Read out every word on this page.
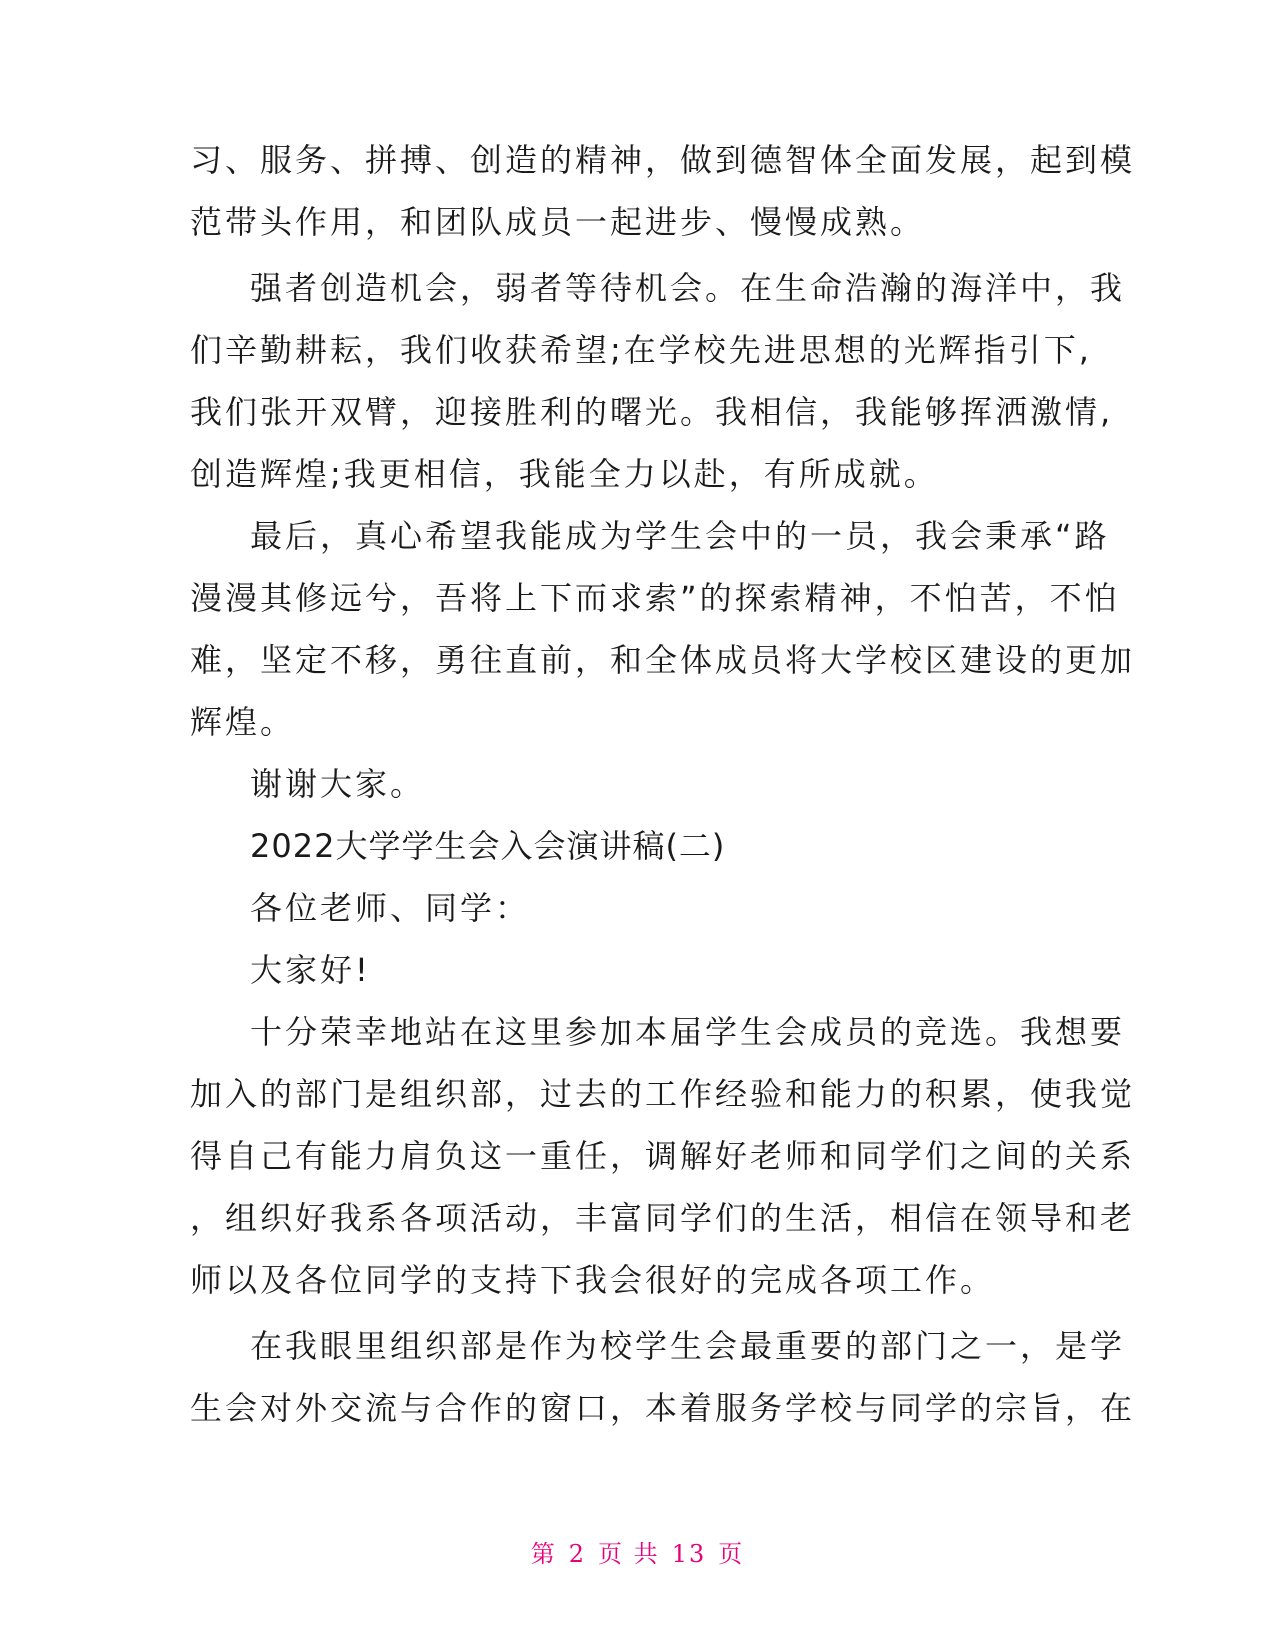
习、服务、拼搏、创造的精神，做到德智体全面发展，起到模
范带头作用，和团队成员一起进步、慢慢成熟。
强者创造机会，弱者等待机会。在生命浩瀚的海洋中，我
们辛勤耕耘，我们收获希望;在学校先进思想的光辉指引下,
我们张开双臂，迎接胜利的曙光。我相信，我能够挥洒激情,
创造辉煌;我更相信，我能全力以赴，有所成就。
最后，真心希望我能成为学生会中的一员，我会秉承“路
漫漫其修远兮，吾将上下而求索”的探索精神，不怕苦，不怕
难，坚定不移，勇往直前，和全体成员将大学校区建设的更加
辉煌。
谢谢大家。
2022大学学生会入会演讲稿(二)
各位老师、同学：
大家好!
十分荣幸地站在这里参加本届学生会成员的竞选。我想要
加入的部门是组织部，过去的工作经验和能力的积累，使我觉
得自己有能力肩负这一重任，调解好老师和同学们之间的关系
，组织好我系各项活动，丰富同学们的生活，相信在领导和老
师以及各位同学的支持下我会很好的完成各项工作。
在我眼里组织部是作为校学生会最重要的部门之一，是学
生会对外交流与合作的窗口，本着服务学校与同学的宗旨，在
第 2 页 共 13 页
